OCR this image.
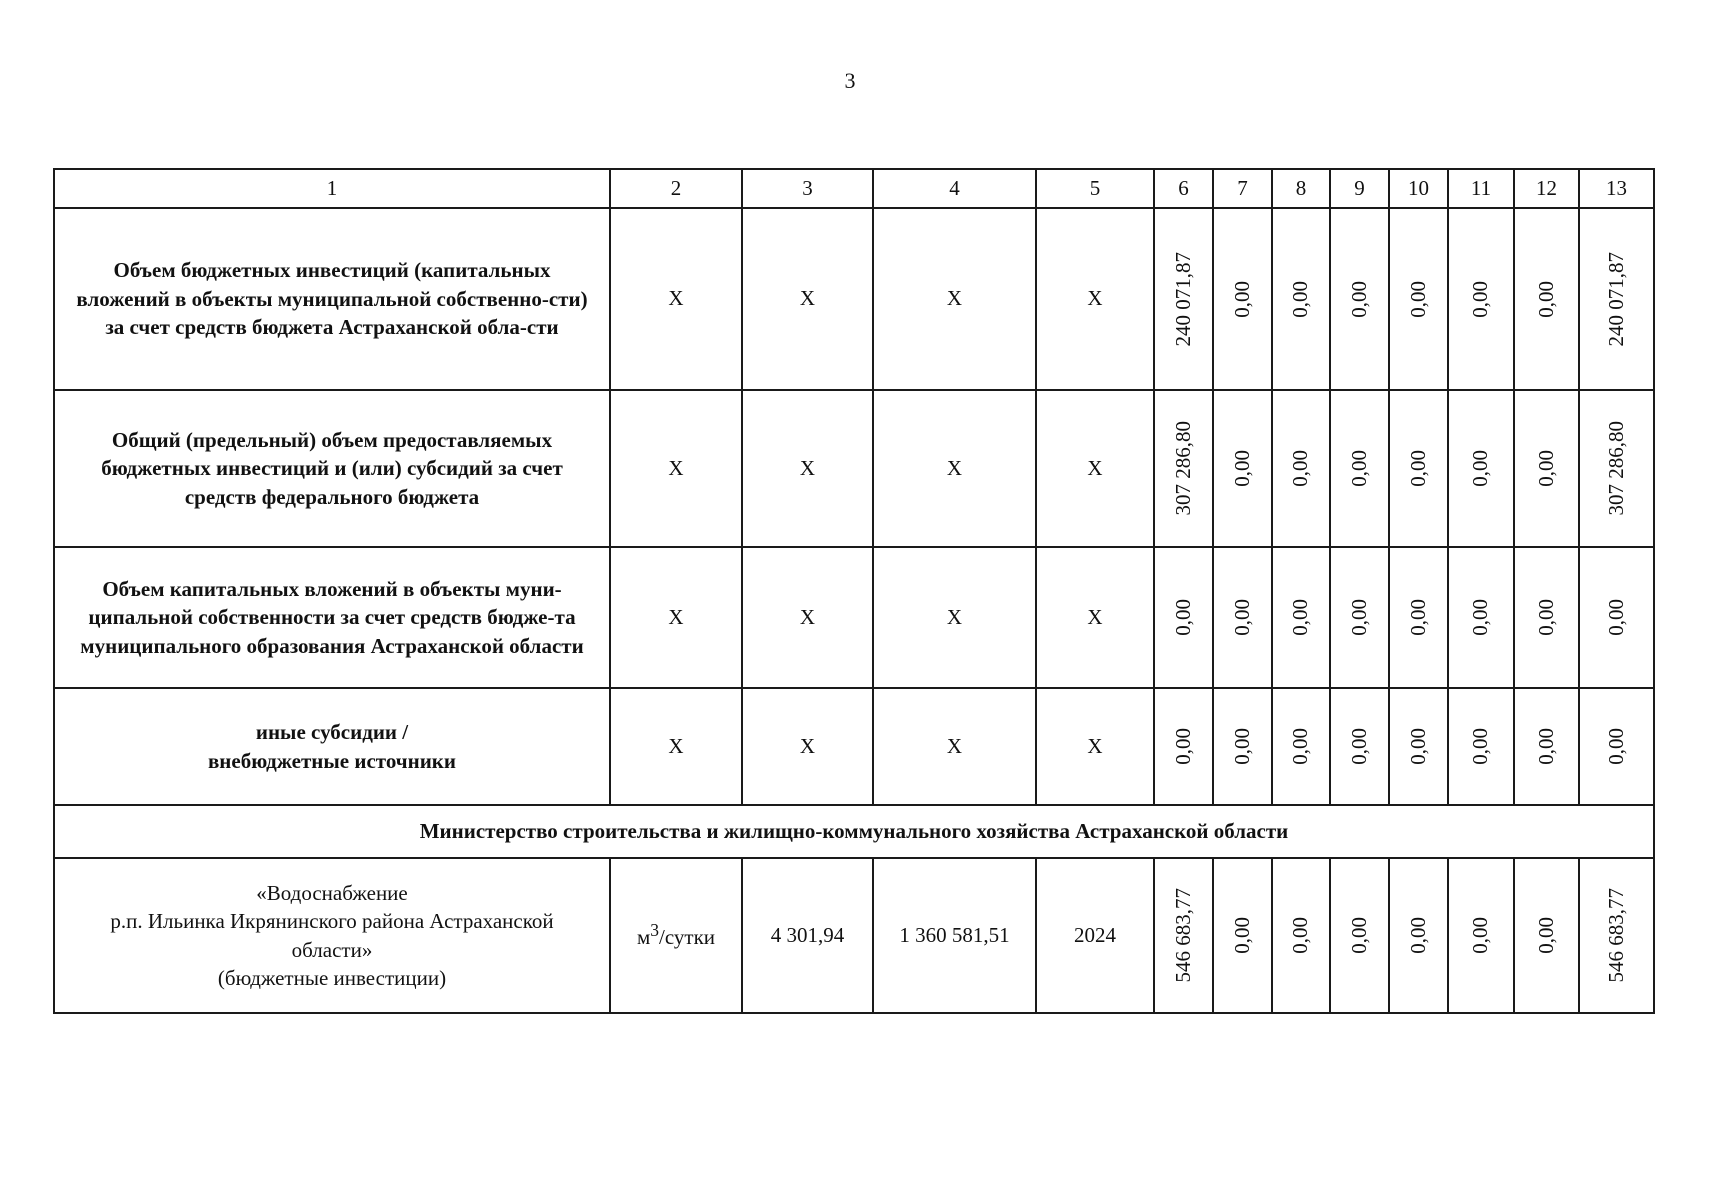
3
1	2	3	4	5	6	7	8	9	10	11	12	13
Объем бюджетных инвестиций (капитальных вложений в объекты муниципальной собственно-сти) за счет средств бюджета Астраханской обла-сти	X	X	X	X	240 071,87	0,00	0,00	0,00	0,00	0,00	0,00	240 071,87

Общий (предельный) объем предоставляемых бюджетных инвестиций и (или) субсидий за счет средств федерального бюджета	X	X	X	X	307 286,80	0,00	0,00	0,00	0,00	0,00	0,00	307 286,80

Объем капитальных вложений в объекты муни-ципальной собственности за счет средств бюдже-та муниципального образования Астраханской области	X	X	X	X	0,00	0,00	0,00	0,00	0,00	0,00	0,00	0,00

иные субсидии /
внебюджетные источники	X	X	X	X	0,00	0,00	0,00	0,00	0,00	0,00	0,00	0,00

Министерство строительства и жилищно-коммунального хозяйства Астраханской области												

«Водоснабжение
р.п. Ильинка Икрянинского района Астраханской
области»
(бюджетные инвестиции)	$м^3$/сутки	4 301,94	1 360 581,51	2024	546 683,77	0,00	0,00	0,00	0,00	0,00	0,00	546 683,77
